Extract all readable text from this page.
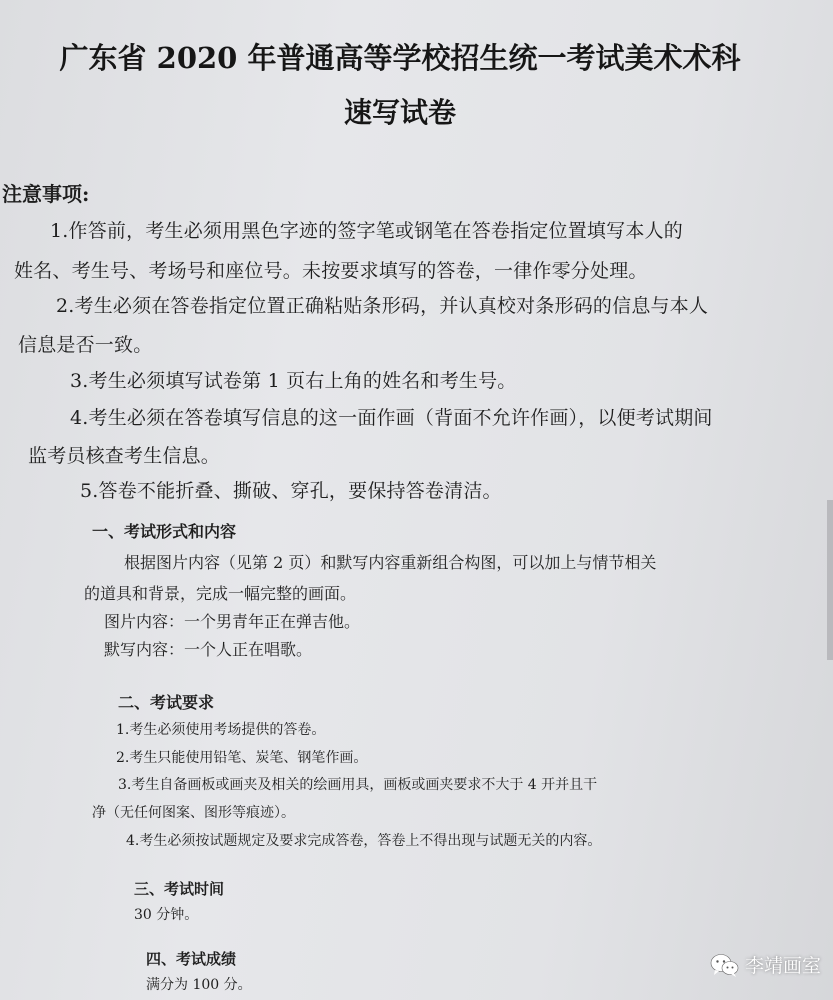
广东省 2020 年普通高等学校招生统一考试美术术科
速写试卷
注意事项:
1.作答前，考生必须用黑色字迹的签字笔或钢笔在答卷指定位置填写本人的
姓名、考生号、考场号和座位号。未按要求填写的答卷，一律作零分处理。
2.考生必须在答卷指定位置正确粘贴条形码，并认真校对条形码的信息与本人
信息是否一致。
3.考生必须填写试卷第 1 页右上角的姓名和考生号。
4.考生必须在答卷填写信息的这一面作画（背面不允许作画），以便考试期间
监考员核查考生信息。
5.答卷不能折叠、撕破、穿孔，要保持答卷清洁。
一、考试形式和内容
根据图片内容（见第 2 页）和默写内容重新组合构图，可以加上与情节相关
的道具和背景，完成一幅完整的画面。
图片内容：一个男青年正在弹吉他。
默写内容：一个人正在唱歌。
二、考试要求
1.考生必须使用考场提供的答卷。
2.考生只能使用铅笔、炭笔、钢笔作画。
3.考生自备画板或画夹及相关的绘画用具，画板或画夹要求不大于 4 开并且干
净（无任何图案、图形等痕迹）。
4.考生必须按试题规定及要求完成答卷，答卷上不得出现与试题无关的内容。
三、考试时间
30 分钟。
四、考试成绩
满分为 100 分。
李靖画室
